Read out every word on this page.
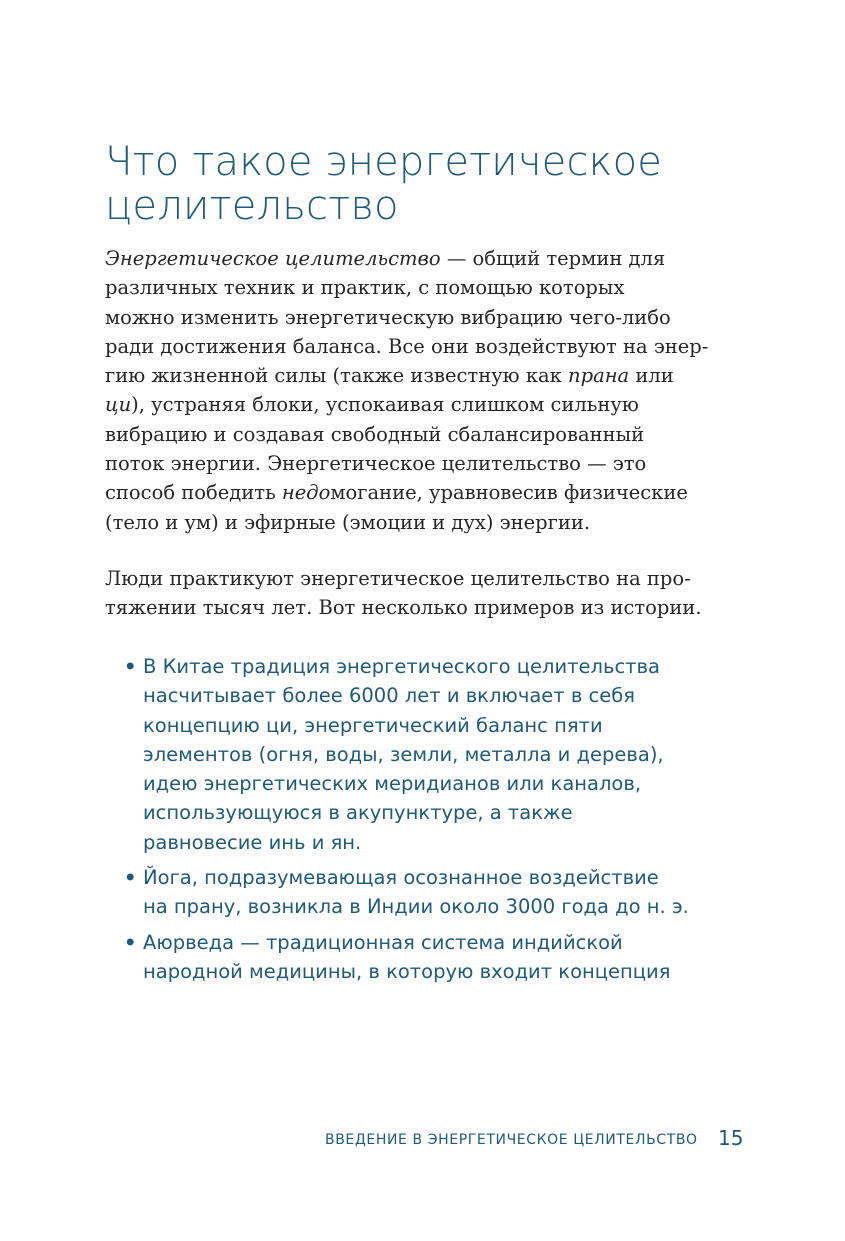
Что такое энергетическое
целительство
Энергетическое целительство — общий термин для
различных техник и практик, с помощью которых
можно изменить энергетическую вибрацию чего-либо
ради достижения баланса. Все они воздействуют на энер-
гию жизненной силы (также известную как прана или
ци), устраняя блоки, успокаивая слишком сильную
вибрацию и создавая свободный сбалансированный
поток энергии. Энергетическое целительство — это
способ победить недомогание, уравновесив физические
(тело и ум) и эфирные (эмоции и дух) энергии.
Люди практикуют энергетическое целительство на про-
тяжении тысяч лет. Вот несколько примеров из истории.
• В Китае традиция энергетического целительства
насчитывает более 6000 лет и включает в себя
концепцию ци, энергетический баланс пяти
элементов (огня, воды, земли, металла и дерева),
идею энергетических меридианов или каналов,
использующуюся в акупунктуре, а также
равновесие инь и ян.
• Йога, подразумевающая осознанное воздействие
на прану, возникла в Индии около 3000 года до н. э.
• Аюрведа — традиционная система индийской
народной медицины, в которую входит концепция
ВВЕДЕНИЕ В ЭНЕРГЕТИЧЕСКОЕ ЦЕЛИТЕЛЬСТВО 15
